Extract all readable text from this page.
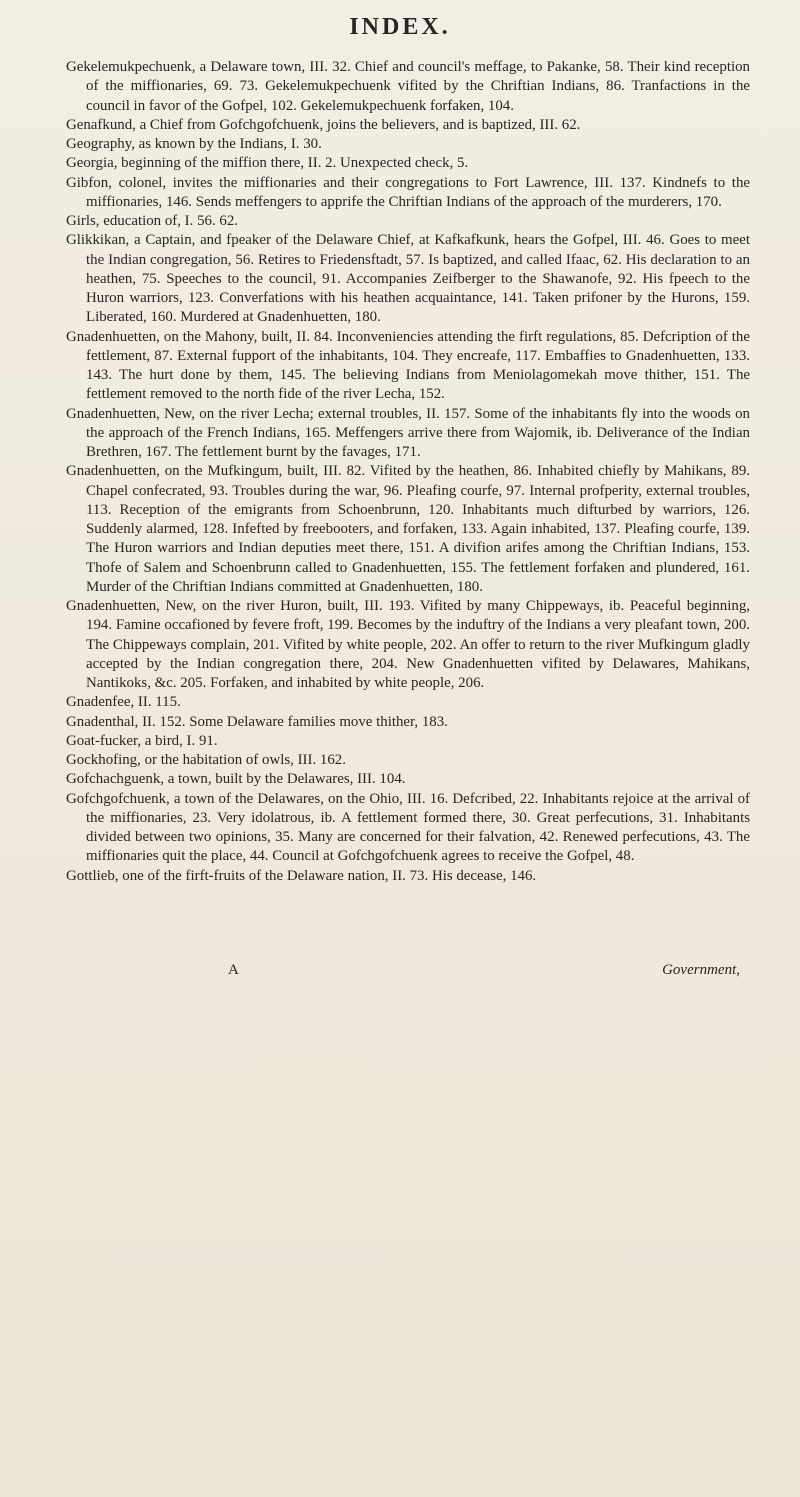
INDEX.

Gekelemukpechuenk, a Delaware town, III. 32. Chief and council's meffage, to Pakanke, 58. Their kind reception of the miffionaries, 69. 73. Gekelemukpechuenk vifited by the Chriftian Indians, 86. Tranfactions in the council in favor of the Gofpel, 102. Gekelemukpechuenk forfaken, 104.

Genafkund, a Chief from Gofchgofchuenk, joins the believers, and is baptized, III. 62.

Geography, as known by the Indians, I. 30.

Georgia, beginning of the miffion there, II. 2. Unexpected check, 5.

Gibfon, colonel, invites the miffionaries and their congregations to Fort Lawrence, III. 137. Kindnefs to the miffionaries, 146. Sends meffengers to apprife the Chriftian Indians of the approach of the murderers, 170.

Girls, education of, I. 56. 62.

Glikkikan, a Captain, and fpeaker of the Delaware Chief, at Kafkafkunk, hears the Gofpel, III. 46. Goes to meet the Indian congregation, 56. Retires to Friedensftadt, 57. Is baptized, and called Ifaac, 62. His declaration to an heathen, 75. Speeches to the council, 91. Accompanies Zeifberger to the Shawanofe, 92. His fpeech to the Huron warriors, 123. Converfations with his heathen acquaintance, 141. Taken prifoner by the Hurons, 159. Liberated, 160. Murdered at Gnadenhuetten, 180.

Gnadenhuetten, on the Mahony, built, II. 84. Inconveniencies attending the firft regulations, 85. Defcription of the fettlement, 87. External fupport of the inhabitants, 104. They encreafe, 117. Embaffies to Gnadenhuetten, 133. 143. The hurt done by them, 145. The believing Indians from Meniolagomekah move thither, 151. The fettlement removed to the north fide of the river Lecha, 152.

Gnadenhuetten, New, on the river Lecha; external troubles, II. 157. Some of the inhabitants fly into the woods on the approach of the French Indians, 165. Meffengers arrive there from Wajomik, ib. Deliverance of the Indian Brethren, 167. The fettlement burnt by the favages, 171.

Gnadenhuetten, on the Mufkingum, built, III. 82. Vifited by the heathen, 86. Inhabited chiefly by Mahikans, 89. Chapel confecrated, 93. Troubles during the war, 96. Pleafing courfe, 97. Internal profperity, external troubles, 113. Reception of the emigrants from Schoenbrunn, 120. Inhabitants much difturbed by warriors, 126. Suddenly alarmed, 128. Infefted by freebooters, and forfaken, 133. Again inhabited, 137. Pleafing courfe, 139. The Huron warriors and Indian deputies meet there, 151. A divifion arifes among the Chriftian Indians, 153. Thofe of Salem and Schoenbrunn called to Gnadenhuetten, 155. The fettlement forfaken and plundered, 161. Murder of the Chriftian Indians committed at Gnadenhuetten, 180.

Gnadenhuetten, New, on the river Huron, built, III. 193. Vifited by many Chippeways, ib. Peaceful beginning, 194. Famine occafioned by fevere froft, 199. Becomes by the induftry of the Indians a very pleafant town, 200. The Chippeways complain, 201. Vifited by white people, 202. An offer to return to the river Mufkingum gladly accepted by the Indian congregation there, 204. New Gnadenhuetten vifited by Delawares, Mahikans, Nantikoks, &c. 205. Forfaken, and inhabited by white people, 206.

Gnadenfee, II. 115.

Gnadenthal, II. 152. Some Delaware families move thither, 183.

Goat-fucker, a bird, I. 91.

Gockhofing, or the habitation of owls, III. 162.

Gofchachguenk, a town, built by the Delawares, III. 104.

Gofchgofchuenk, a town of the Delawares, on the Ohio, III. 16. Defcribed, 22. Inhabitants rejoice at the arrival of the miffionaries, 23. Very idolatrous, ib. A fettlement formed there, 30. Great perfecutions, 31. Inhabitants divided between two opinions, 35. Many are concerned for their falvation, 42. Renewed perfecutions, 43. The miffionaries quit the place, 44. Council at Gofchgofchuenk agrees to receive the Gofpel, 48.

Gottlieb, one of the firft-fruits of the Delaware nation, II. 73. His decease, 146.

A	Government,
